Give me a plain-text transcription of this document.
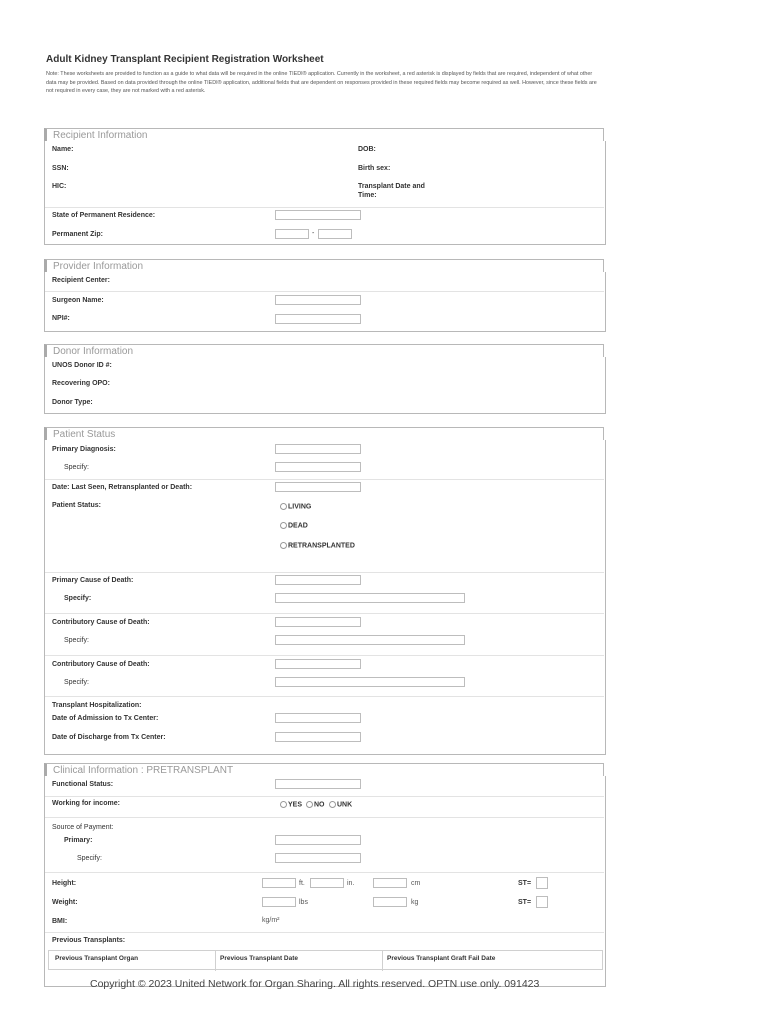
Adult Kidney Transplant Recipient Registration Worksheet
Note: These worksheets are provided to function as a guide to what data will be required in the online TIEDI® application. Currently in the worksheet, a red asterisk is displayed by fields that are required, independent of what other data may be provided. Based on data provided through the online TIEDI® application, additional fields that are dependent on responses provided in these required fields may become required as well. However, since these fields are not required in every case, they are not marked with a red asterisk.
Recipient Information
Name:	DOB:
SSN:	Birth sex:
HIC:	Transplant Date and
Time:
State of Permanent Residence:
Permanent Zip:	-
Provider Information
Recipient Center:
Surgeon Name:
NPI#:
Donor Information
UNOS Donor ID #:
Recovering OPO:
Donor Type:
Patient Status
Primary Diagnosis:
Specify:
Date: Last Seen, Retransplanted or Death:
Patient Status:	LIVING
DEAD
RETRANSPLANTED
Primary Cause of Death:
Specify:
Contributory Cause of Death:
Specify:
Contributory Cause of Death:
Specify:
Transplant Hospitalization:
Date of Admission to Tx Center:
Date of Discharge from Tx Center:
Clinical Information : PRETRANSPLANT
Functional Status:
Working for income:	YES	NO	UNK
Source of Payment:
Primary:
Specify:
Height:	ft.	in.	cm	ST=
Weight:	lbs	kg	ST=
BMI:	kg/m²
Previous Transplants:
Previous Transplant Organ	Previous Transplant Date	Previous Transplant Graft Fail Date
Copyright © 2023 United Network for Organ Sharing. All rights reserved. OPTN use only. 091423
